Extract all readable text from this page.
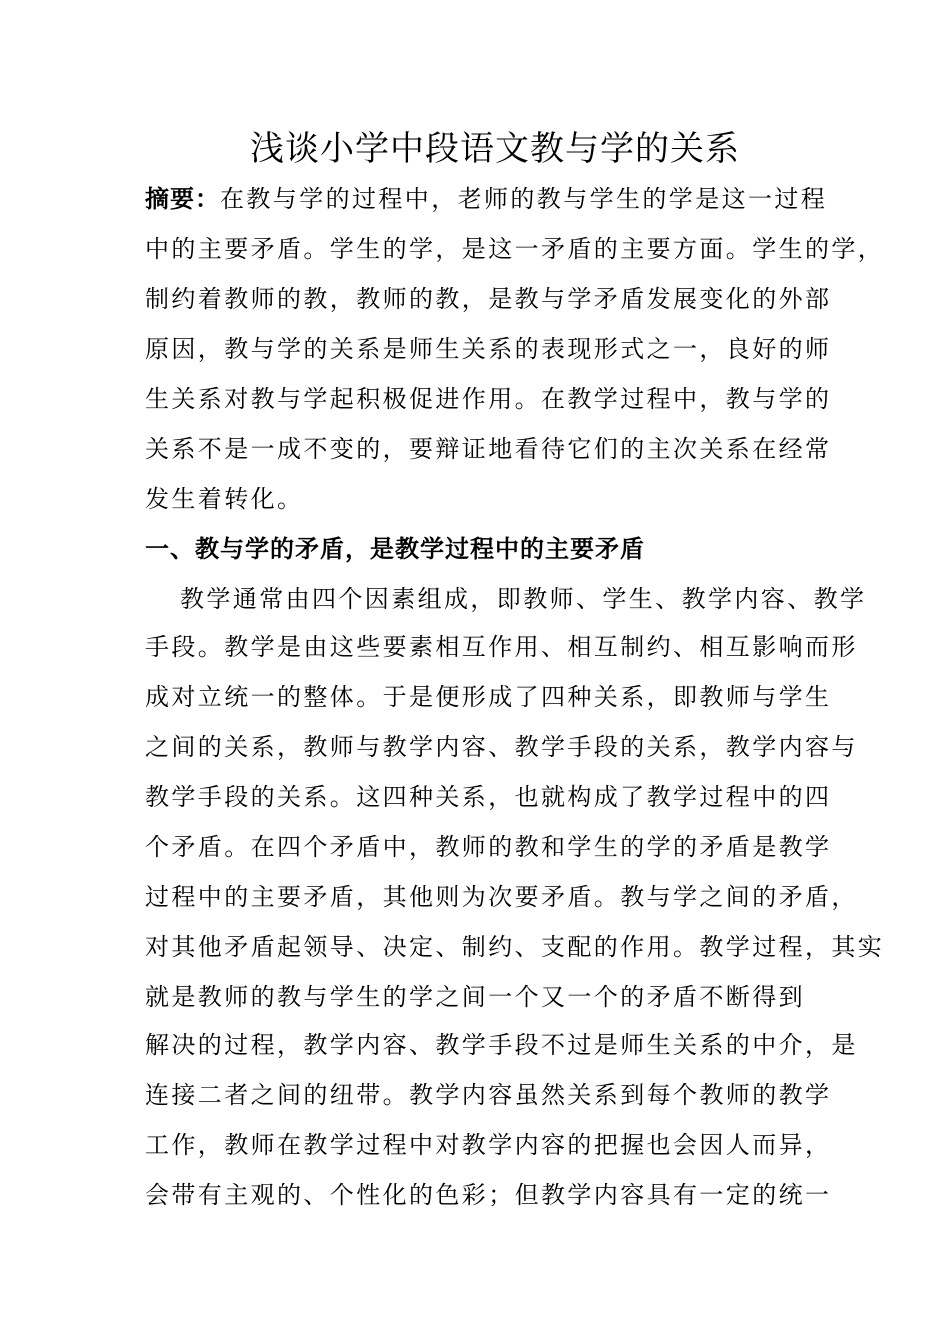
浅谈小学中段语文教与学的关系
摘要：在教与学的过程中，老师的教与学生的学是这一过程
中的主要矛盾。学生的学，是这一矛盾的主要方面。学生的学，
制约着教师的教，教师的教，是教与学矛盾发展变化的外部
原因，教与学的关系是师生关系的表现形式之一，良好的师
生关系对教与学起积极促进作用。在教学过程中，教与学的
关系不是一成不变的，要辩证地看待它们的主次关系在经常
发生着转化。
一、教与学的矛盾，是教学过程中的主要矛盾
教学通常由四个因素组成，即教师、学生、教学内容、教学
手段。教学是由这些要素相互作用、相互制约、相互影响而形
成对立统一的整体。于是便形成了四种关系，即教师与学生
之间的关系，教师与教学内容、教学手段的关系，教学内容与
教学手段的关系。这四种关系，也就构成了教学过程中的四
个矛盾。在四个矛盾中，教师的教和学生的学的矛盾是教学
过程中的主要矛盾，其他则为次要矛盾。教与学之间的矛盾，
对其他矛盾起领导、决定、制约、支配的作用。教学过程，其实
就是教师的教与学生的学之间一个又一个的矛盾不断得到
解决的过程，教学内容、教学手段不过是师生关系的中介，是
连接二者之间的纽带。教学内容虽然关系到每个教师的教学
工作，教师在教学过程中对教学内容的把握也会因人而异，
会带有主观的、个性化的色彩；但教学内容具有一定的统一
